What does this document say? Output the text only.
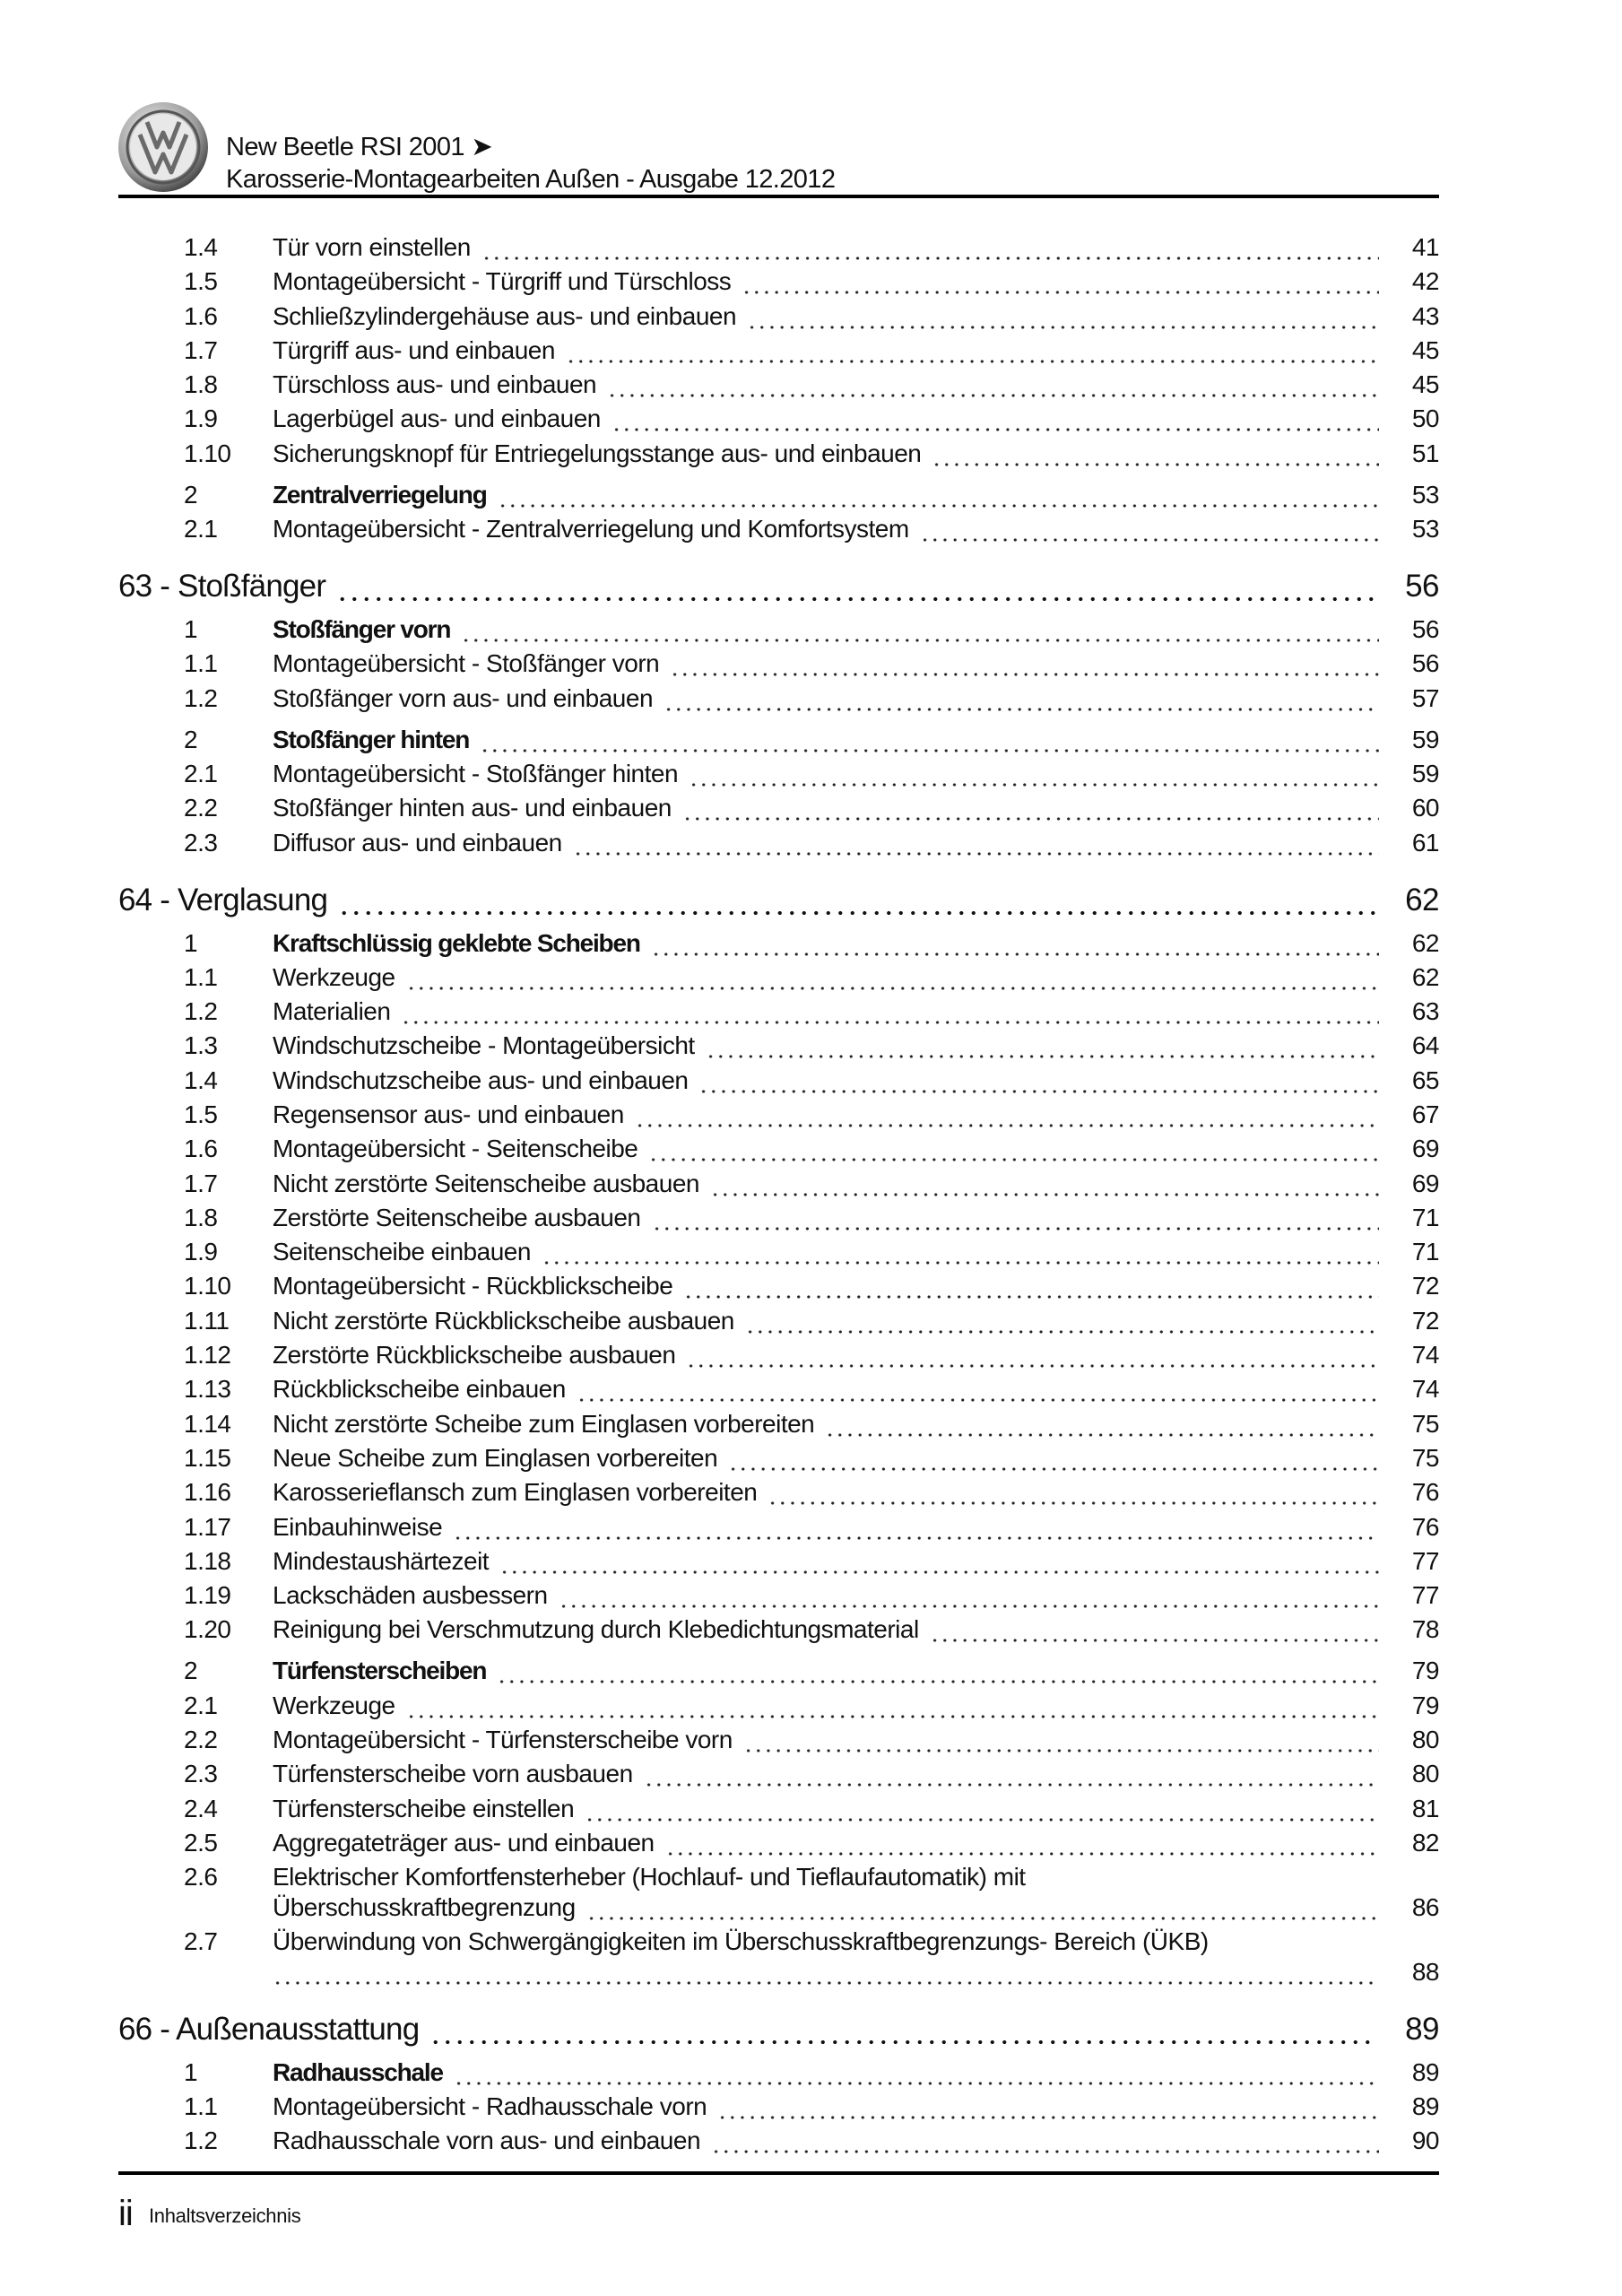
New Beetle RSI 2001 ➤
Karosserie-Montagearbeiten Außen - Ausgabe 12.2012
1.4	Tür vorn einstellen	41
1.5	Montageübersicht - Türgriff und Türschloss	42
1.6	Schließzylindergehäuse aus- und einbauen	43
1.7	Türgriff aus- und einbauen	45
1.8	Türschloss aus- und einbauen	45
1.9	Lagerbügel aus- und einbauen	50
1.10	Sicherungsknopf für Entriegelungsstange aus- und einbauen	51
2	Zentralverriegelung	53
2.1	Montageübersicht - Zentralverriegelung und Komfortsystem	53
63 - Stoßfänger	56
1	Stoßfänger vorn	56
1.1	Montageübersicht - Stoßfänger vorn	56
1.2	Stoßfänger vorn aus- und einbauen	57
2	Stoßfänger hinten	59
2.1	Montageübersicht - Stoßfänger hinten	59
2.2	Stoßfänger hinten aus- und einbauen	60
2.3	Diffusor aus- und einbauen	61
64 - Verglasung	62
1	Kraftschlüssig geklebte Scheiben	62
1.1	Werkzeuge	62
1.2	Materialien	63
1.3	Windschutzscheibe - Montageübersicht	64
1.4	Windschutzscheibe aus- und einbauen	65
1.5	Regensensor aus- und einbauen	67
1.6	Montageübersicht - Seitenscheibe	69
1.7	Nicht zerstörte Seitenscheibe ausbauen	69
1.8	Zerstörte Seitenscheibe ausbauen	71
1.9	Seitenscheibe einbauen	71
1.10	Montageübersicht - Rückblickscheibe	72
1.11	Nicht zerstörte Rückblickscheibe ausbauen	72
1.12	Zerstörte Rückblickscheibe ausbauen	74
1.13	Rückblickscheibe einbauen	74
1.14	Nicht zerstörte Scheibe zum Einglasen vorbereiten	75
1.15	Neue Scheibe zum Einglasen vorbereiten	75
1.16	Karosserieflansch zum Einglasen vorbereiten	76
1.17	Einbauhinweise	76
1.18	Mindestaushärtezeit	77
1.19	Lackschäden ausbessern	77
1.20	Reinigung bei Verschmutzung durch Klebedichtungsmaterial	78
2	Türfensterscheiben	79
2.1	Werkzeuge	79
2.2	Montageübersicht - Türfensterscheibe vorn	80
2.3	Türfensterscheibe vorn ausbauen	80
2.4	Türfensterscheibe einstellen	81
2.5	Aggregateträger aus- und einbauen	82
2.6	Elektrischer Komfortfensterheber (Hochlauf- und Tieflaufautomatik) mit
Überschusskraftbegrenzung	86
2.7	Überwindung von Schwergängigkeiten im Überschusskraftbegrenzungs- Bereich (ÜKB)
88
66 - Außenausstattung	89
1	Radhausschale	89
1.1	Montageübersicht - Radhausschale vorn	89
1.2	Radhausschale vorn aus- und einbauen	90
ii Inhaltsverzeichnis
